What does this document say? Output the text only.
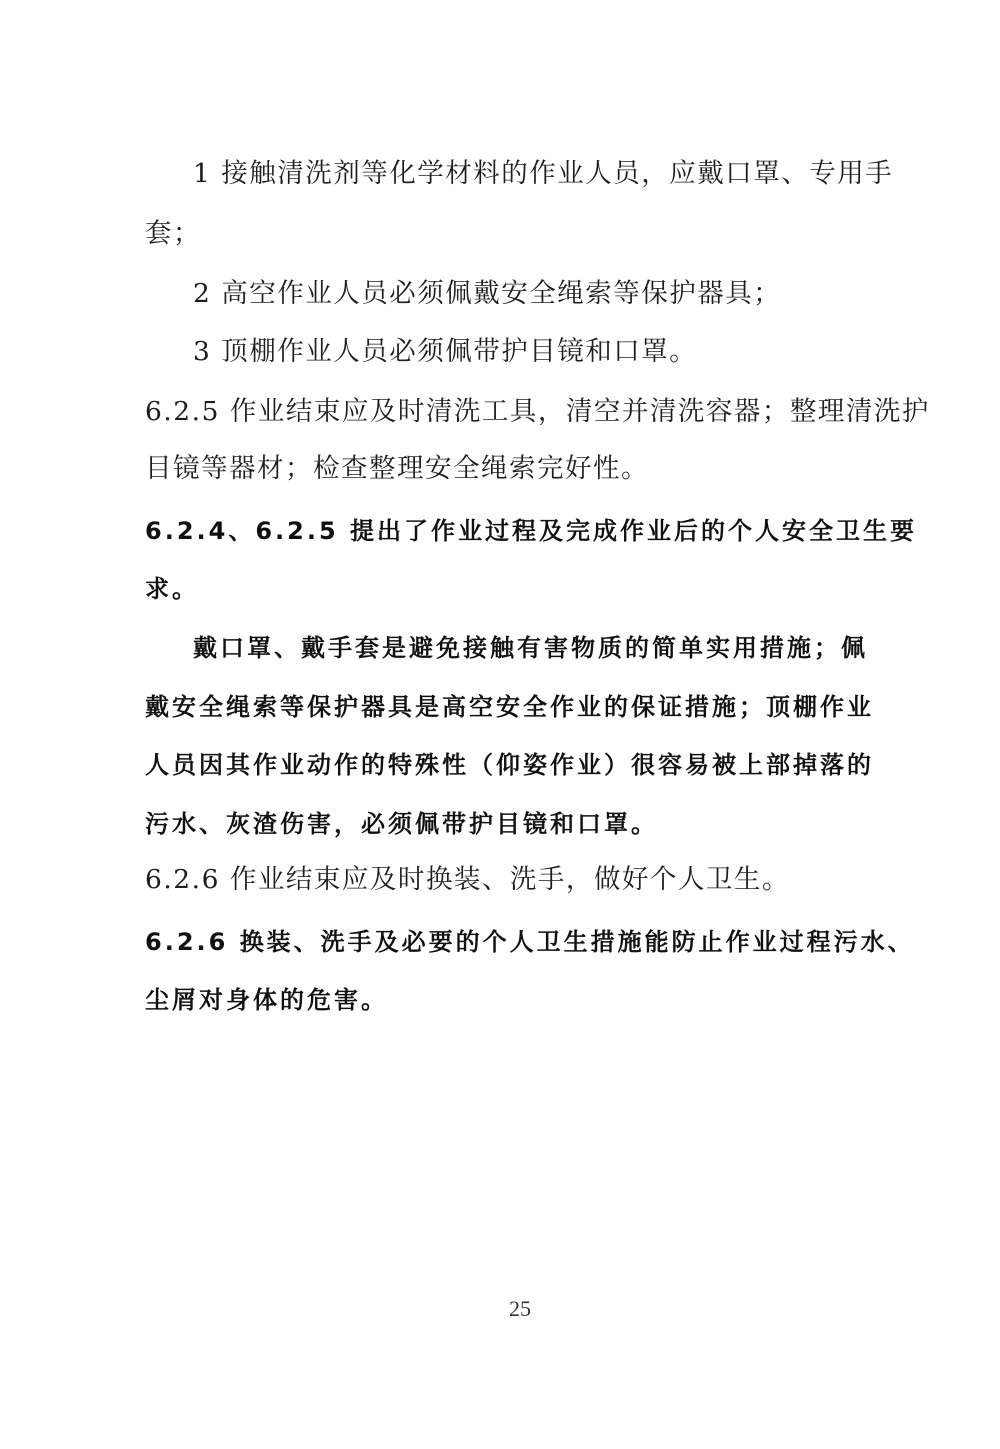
1 接触清洗剂等化学材料的作业人员，应戴口罩、专用手
套；
2 高空作业人员必须佩戴安全绳索等保护器具；
3 顶棚作业人员必须佩带护目镜和口罩。
6.2.5 作业结束应及时清洗工具，清空并清洗容器；整理清洗护
目镜等器材；检查整理安全绳索完好性。
6.2.4、6.2.5 提出了作业过程及完成作业后的个人安全卫生要
求。
戴口罩、戴手套是避免接触有害物质的简单实用措施；佩
戴安全绳索等保护器具是高空安全作业的保证措施；顶棚作业
人员因其作业动作的特殊性（仰姿作业）很容易被上部掉落的
污水、灰渣伤害，必须佩带护目镜和口罩。
6.2.6 作业结束应及时换装、洗手，做好个人卫生。
6.2.6 换装、洗手及必要的个人卫生措施能防止作业过程污水、
尘屑对身体的危害。
25
